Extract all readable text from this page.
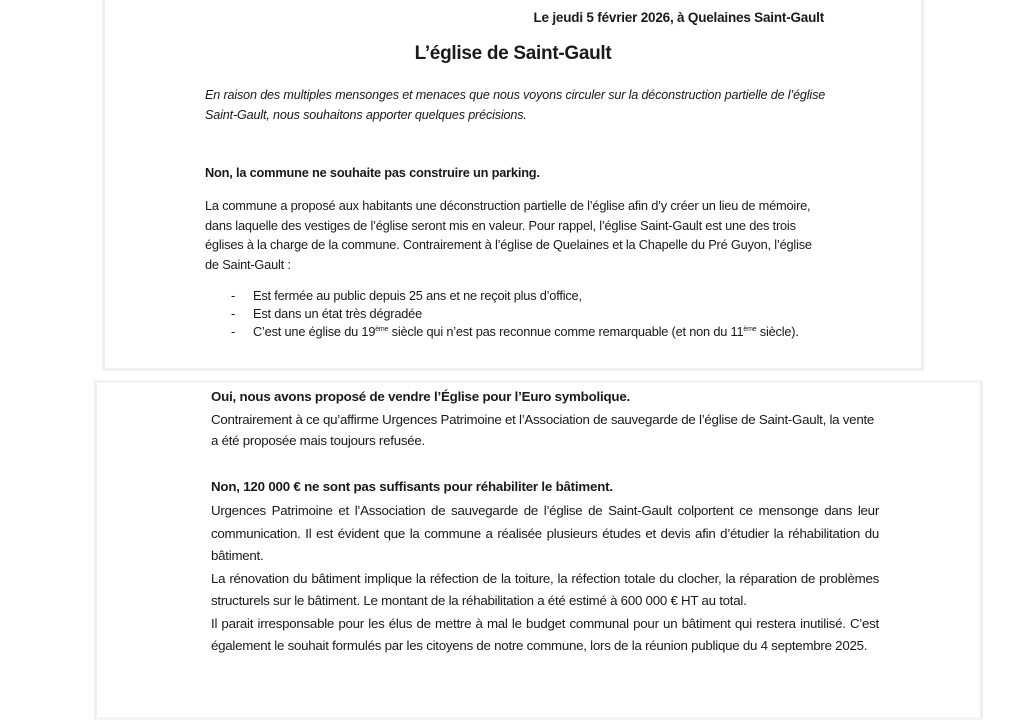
Le jeudi 5 février 2026, à Quelaines Saint-Gault
L’église de Saint-Gault
En raison des multiples mensonges et menaces que nous voyons circuler sur la déconstruction partielle de l’église Saint-Gault, nous souhaitons apporter quelques précisions.
Non, la commune ne souhaite pas construire un parking.
La commune a proposé aux habitants une déconstruction partielle de l’église afin d’y créer un lieu de mémoire, dans laquelle des vestiges de l’église seront mis en valeur. Pour rappel, l’église Saint-Gault est une des trois églises à la charge de la commune. Contrairement à l’église de Quelaines et la Chapelle du Pré Guyon, l’église de Saint-Gault :
- Est fermée au public depuis 25 ans et ne reçoit plus d’office,
- Est dans un état très dégradée
- C’est une église du 19ème siècle qui n’est pas reconnue comme remarquable (et non du 11ème siècle).
Oui, nous avons proposé de vendre l’Église pour l’Euro symbolique.
Contrairement à ce qu’affirme Urgences Patrimoine et l’Association de sauvegarde de l’église de Saint-Gault, la vente a été proposée mais toujours refusée.
Non, 120 000 € ne sont pas suffisants pour réhabiliter le bâtiment.
Urgences Patrimoine et l’Association de sauvegarde de l’église de Saint-Gault colportent ce mensonge dans leur communication. Il est évident que la commune a réalisée plusieurs études et devis afin d’étudier la réhabilitation du bâtiment.
La rénovation du bâtiment implique la réfection de la toiture, la réfection totale du clocher, la réparation de problèmes structurels sur le bâtiment. Le montant de la réhabilitation a été estimé à 600 000 € HT au total.
Il parait irresponsable pour les élus de mettre à mal le budget communal pour un bâtiment qui restera inutilisé. C’est également le souhait formulés par les citoyens de notre commune, lors de la réunion publique du 4 septembre 2025.
